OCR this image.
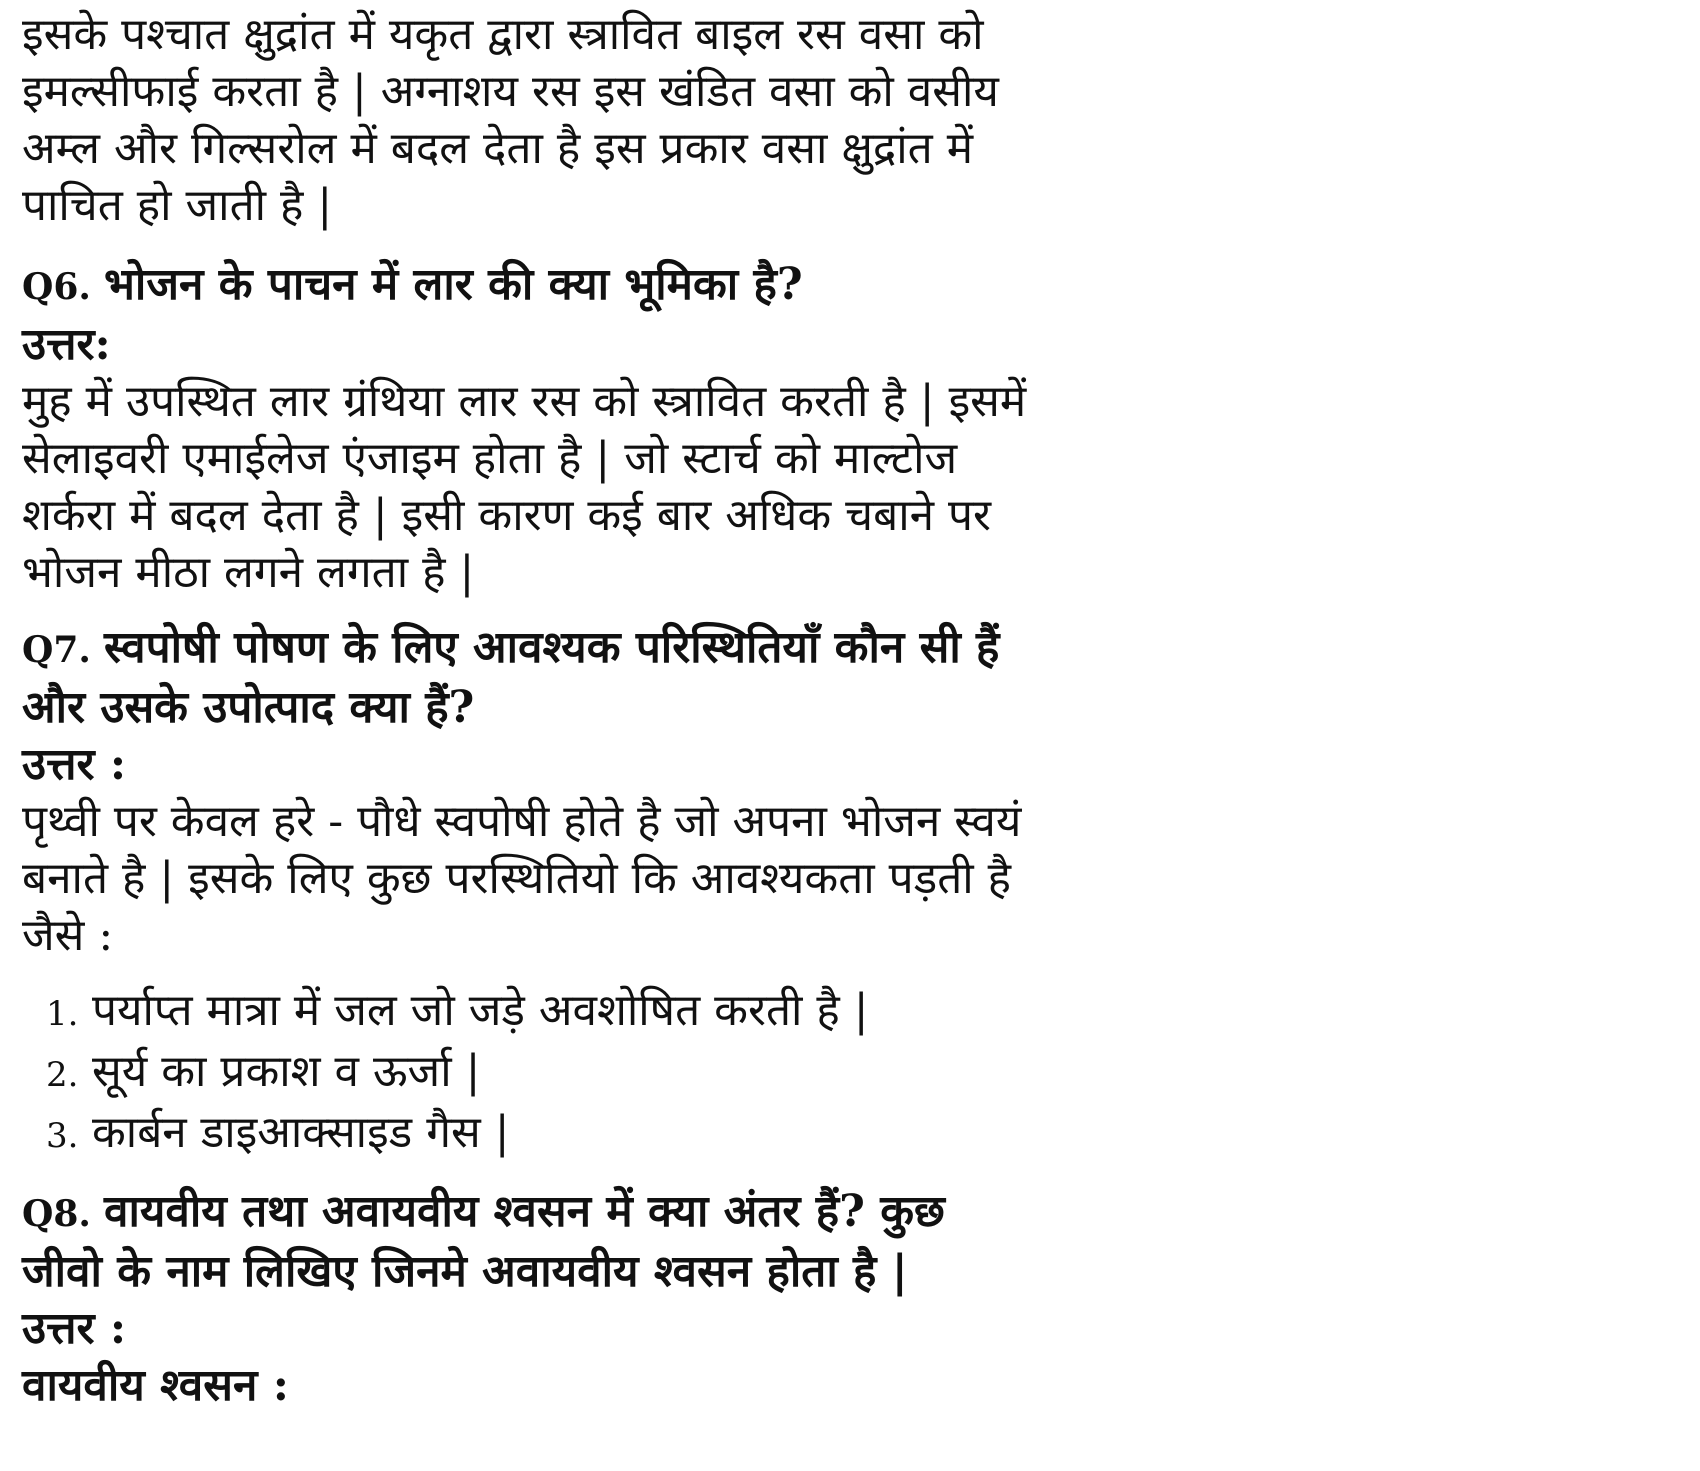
इसके पश्चात क्षुद्रांत में यकृत द्वारा स्त्रावित बाइल रस वसा को

इमल्सीफाई करता है | अग्नाशय रस इस खंडित वसा को वसीय

अम्ल और गिल्सरोल में बदल देता है इस प्रकार वसा क्षुद्रांत में

पाचित हो जाती है |

Q6. भोजन के पाचन में लार की क्या भूमिका है?

उत्तर:

मुह में उपस्थित लार ग्रंथिया लार रस को स्त्रावित करती है | इसमें

सेलाइवरी एमाईलेज एंजाइम होता है | जो स्टार्च को माल्टोज

शर्करा में बदल देता है | इसी कारण कई बार अधिक चबाने पर

भोजन मीठा लगने लगता है |

Q7. स्वपोषी पोषण के लिए आवश्यक परिस्थितियाँ कौन सी हैं

और उसके उपोत्पाद क्या हैं?

उत्तर :

पृथ्वी पर केवल हरे - पौधे स्वपोषी होते है जो अपना भोजन स्वयं

बनाते है | इसके लिए कुछ परस्थितियो कि आवश्यकता पड़ती है

जैसे :

1. पर्याप्त मात्रा में जल जो जड़े अवशोषित करती है |
2. सूर्य का प्रकाश व ऊर्जा |
3. कार्बन डाइआक्साइड गैस |

Q8. वायवीय तथा अवायवीय श्वसन में क्या अंतर हैं? कुछ

जीवो के नाम लिखिए जिनमे अवायवीय श्वसन होता है |

उत्तर :

वायवीय श्वसन :
